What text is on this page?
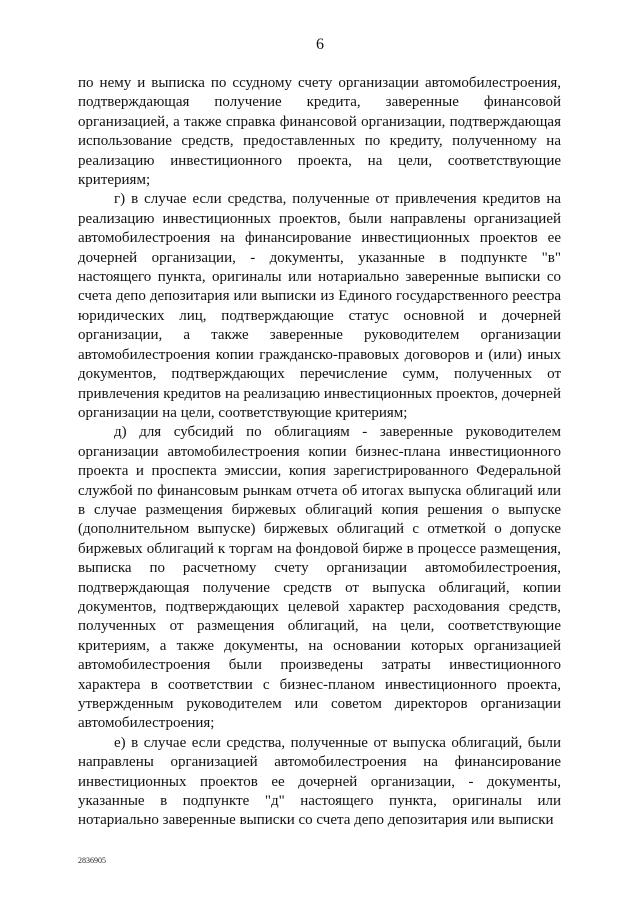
6

по нему и выписка по ссудному счету организации автомобилестроения, подтверждающая получение кредита, заверенные финансовой организацией, а также справка финансовой организации, подтверждающая использование средств, предоставленных по кредиту, полученному на реализацию инвестиционного проекта, на цели, соответствующие критериям;

г) в случае если средства, полученные от привлечения кредитов на реализацию инвестиционных проектов, были направлены организацией автомобилестроения на финансирование инвестиционных проектов ее дочерней организации, - документы, указанные в подпункте "в" настоящего пункта, оригиналы или нотариально заверенные выписки со счета депо депозитария или выписки из Единого государственного реестра юридических лиц, подтверждающие статус основной и дочерней организации, а также заверенные руководителем организации автомобилестроения копии гражданско-правовых договоров и (или) иных документов, подтверждающих перечисление сумм, полученных от привлечения кредитов на реализацию инвестиционных проектов, дочерней организации на цели, соответствующие критериям;

д) для субсидий по облигациям - заверенные руководителем организации автомобилестроения копии бизнес-плана инвестиционного проекта и проспекта эмиссии, копия зарегистрированного Федеральной службой по финансовым рынкам отчета об итогах выпуска облигаций или в случае размещения биржевых облигаций копия решения о выпуске (дополнительном выпуске) биржевых облигаций с отметкой о допуске биржевых облигаций к торгам на фондовой бирже в процессе размещения, выписка по расчетному счету организации автомобилестроения, подтверждающая получение средств от выпуска облигаций, копии документов, подтверждающих целевой характер расходования средств, полученных от размещения облигаций, на цели, соответствующие критериям, а также документы, на основании которых организацией автомобилестроения были произведены затраты инвестиционного характера в соответствии с бизнес-планом инвестиционного проекта, утвержденным руководителем или советом директоров организации автомобилестроения;

е) в случае если средства, полученные от выпуска облигаций, были направлены организацией автомобилестроения на финансирование инвестиционных проектов ее дочерней организации, - документы, указанные в подпункте "д" настоящего пункта, оригиналы или нотариально заверенные выписки со счета депо депозитария или выписки

2836905
